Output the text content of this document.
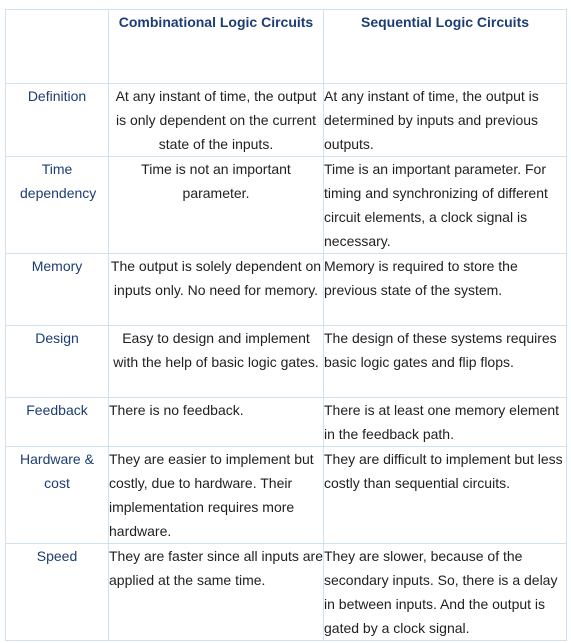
	Combinational Logic Circuits	Sequential Logic Circuits
Definition	At any instant of time, the output is only dependent on the current state of the inputs.	At any instant of time, the output is determined by inputs and previous outputs.
Time dependency	Time is not an important parameter.	Time is an important parameter. For timing and synchronizing of different circuit elements, a clock signal is necessary.
Memory	The output is solely dependent on inputs only. No need for memory.	Memory is required to store the previous state of the system.
Design	Easy to design and implement with the help of basic logic gates.	The design of these systems requires basic logic gates and flip flops.
Feedback	There is no feedback.	There is at least one memory element in the feedback path.
Hardware & cost	They are easier to implement but costly, due to hardware. Their implementation requires more hardware.	They are difficult to implement but less costly than sequential circuits.
Speed	They are faster since all inputs are applied at the same time.	They are slower, because of the secondary inputs. So, there is a delay in between inputs. And the output is gated by a clock signal.
